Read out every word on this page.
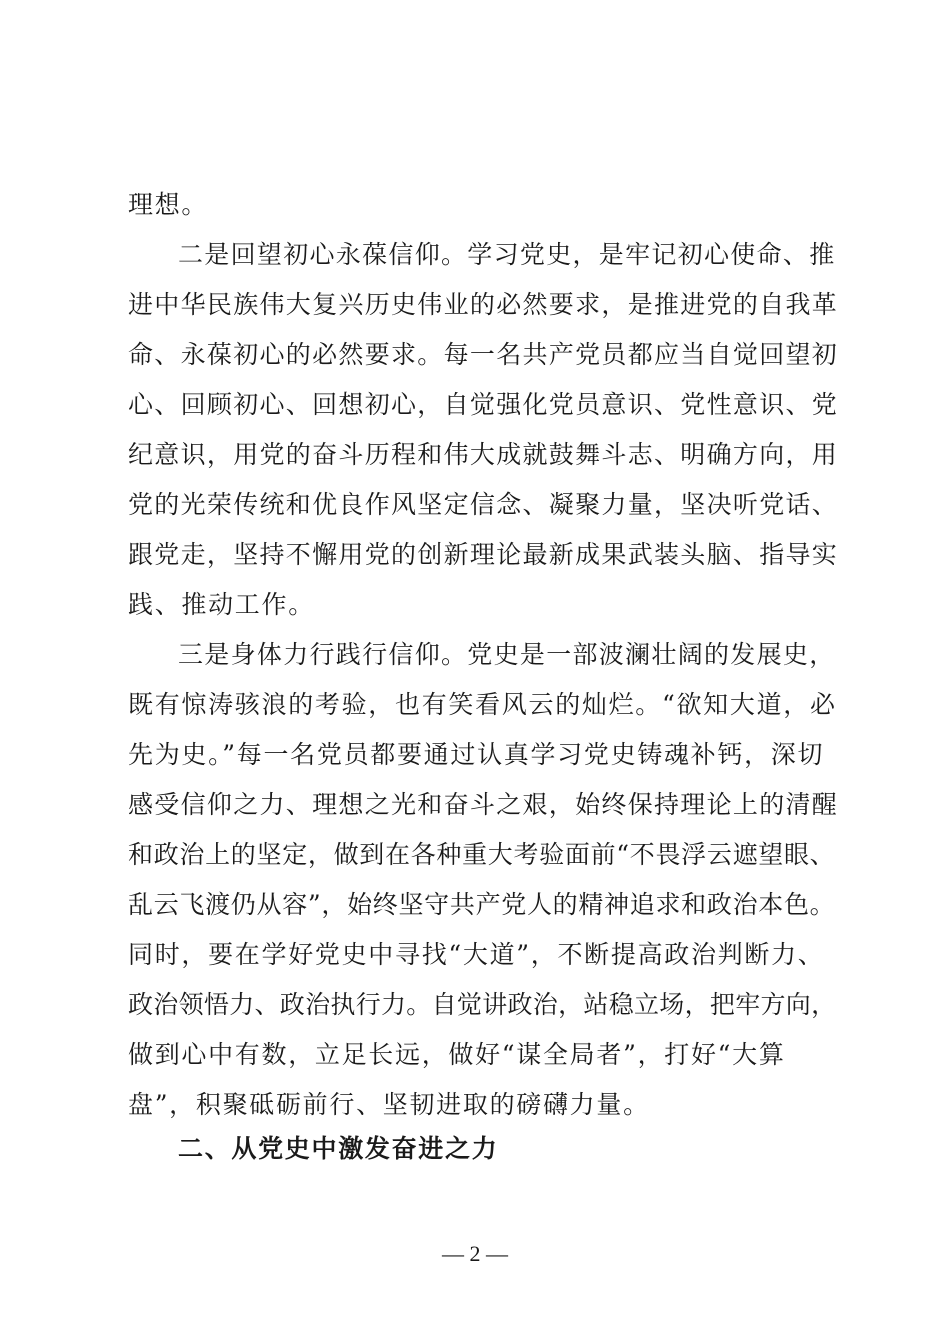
理想。
二是回望初心永葆信仰。学习党史，是牢记初心使命、推
进中华民族伟大复兴历史伟业的必然要求，是推进党的自我革
命、永葆初心的必然要求。每一名共产党员都应当自觉回望初
心、回顾初心、回想初心，自觉强化党员意识、党性意识、党
纪意识，用党的奋斗历程和伟大成就鼓舞斗志、明确方向，用
党的光荣传统和优良作风坚定信念、凝聚力量，坚决听党话、
跟党走，坚持不懈用党的创新理论最新成果武装头脑、指导实
践、推动工作。
三是身体力行践行信仰。党史是一部波澜壮阔的发展史，
既有惊涛骇浪的考验，也有笑看风云的灿烂。“欲知大道，必
先为史。”每一名党员都要通过认真学习党史铸魂补钙，深切
感受信仰之力、理想之光和奋斗之艰，始终保持理论上的清醒
和政治上的坚定，做到在各种重大考验面前“不畏浮云遮望眼、
乱云飞渡仍从容”，始终坚守共产党人的精神追求和政治本色。
同时，要在学好党史中寻找“大道”，不断提高政治判断力、
政治领悟力、政治执行力。自觉讲政治，站稳立场，把牢方向，
做到心中有数，立足长远，做好“谋全局者”，打好“大算
盘”，积聚砥砺前行、坚韧进取的磅礴力量。
二、从党史中激发奋进之力
— 2 —
